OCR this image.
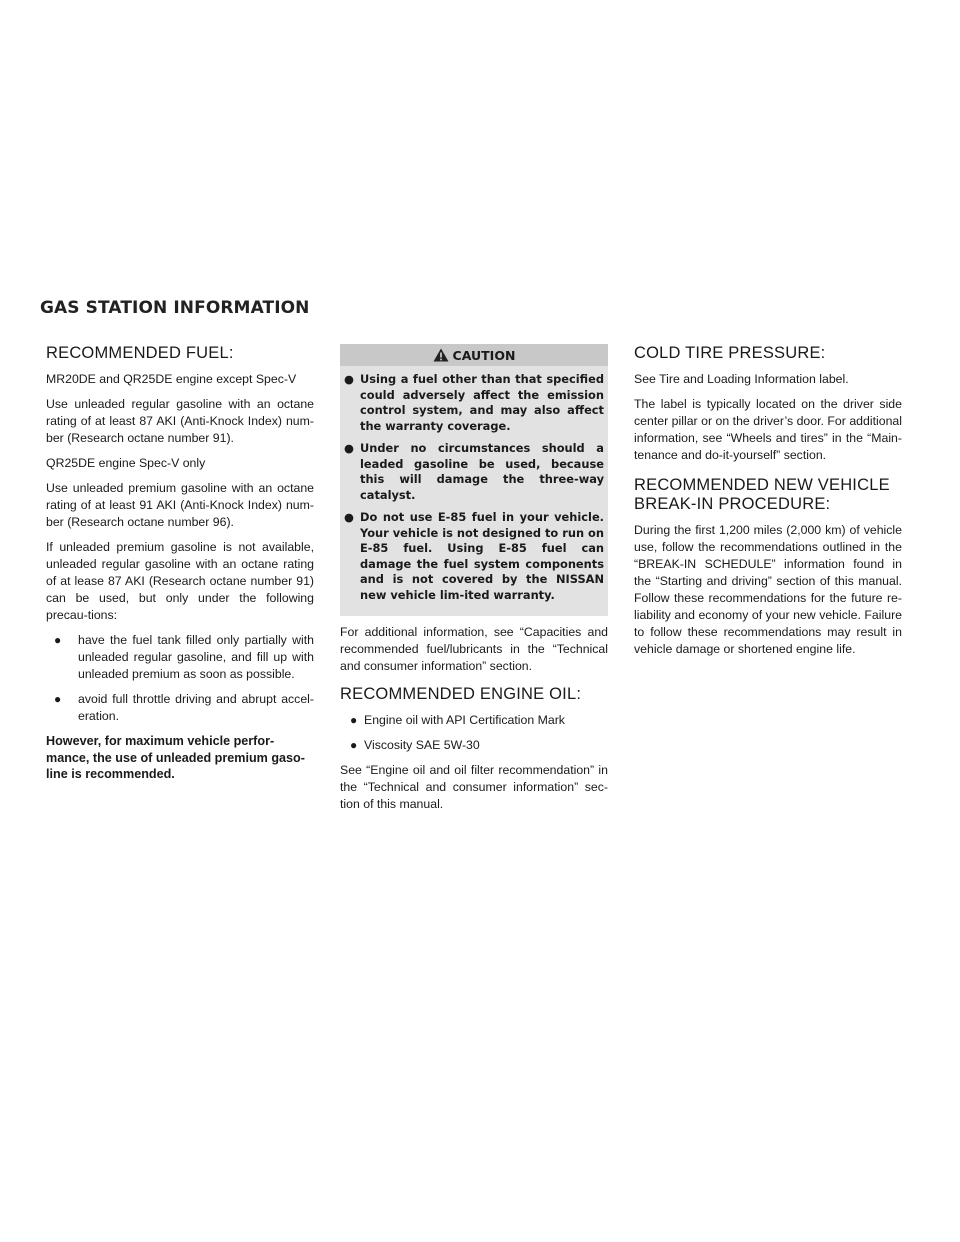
GAS STATION INFORMATION
RECOMMENDED FUEL:

MR20DE and QR25DE engine except Spec-V

Use unleaded regular gasoline with an octane rating of at least 87 AKI (Anti-Knock Index) num-ber (Research octane number 91).

QR25DE engine Spec-V only

Use unleaded premium gasoline with an octane rating of at least 91 AKI (Anti-Knock Index) num-ber (Research octane number 96).

If unleaded premium gasoline is not available, unleaded regular gasoline with an octane rating of at lease 87 AKI (Research octane number 91) can be used, but only under the following precau-tions:

● have the fuel tank filled only partially with unleaded regular gasoline, and fill up with unleaded premium as soon as possible.
● avoid full throttle driving and abrupt accel-eration.

However, for maximum vehicle perfor-mance, the use of unleaded premium gaso-line is recommended.

CAUTION
● Using a fuel other than that specified could adversely affect the emission control system, and may also affect the warranty coverage.
● Under no circumstances should a leaded gasoline be used, because this will damage the three-way catalyst.
● Do not use E-85 fuel in your vehicle. Your vehicle is not designed to run on E-85 fuel. Using E-85 fuel can damage the fuel system components and is not covered by the NISSAN new vehicle lim-ited warranty.

For additional information, see “Capacities and recommended fuel/lubricants in the “Technical and consumer information” section.

RECOMMENDED ENGINE OIL:
● Engine oil with API Certification Mark
● Viscosity SAE 5W-30

See “Engine oil and oil filter recommendation” in the “Technical and consumer information” sec-tion of this manual.

COLD TIRE PRESSURE:

See Tire and Loading Information label.

The label is typically located on the driver side center pillar or on the driver’s door. For additional information, see “Wheels and tires” in the “Main-tenance and do-it-yourself” section.

RECOMMENDED NEW VEHICLE
BREAK-IN PROCEDURE:

During the first 1,200 miles (2,000 km) of vehicle use, follow the recommendations outlined in the “BREAK-IN SCHEDULE” information found in the “Starting and driving” section of this manual. Follow these recommendations for the future re-liability and economy of your new vehicle. Failure to follow these recommendations may result in vehicle damage or shortened engine life.
